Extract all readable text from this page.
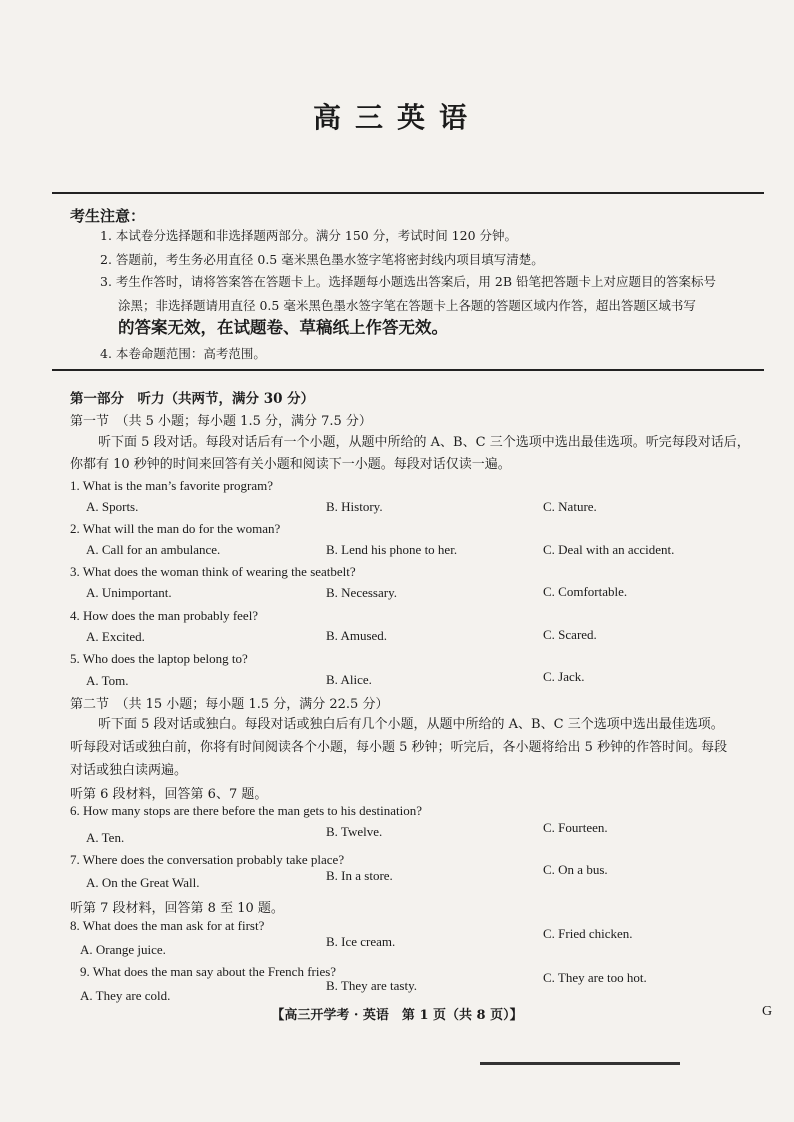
高三英语
考生注意：
1. 本试卷分选择题和非选择题两部分。满分 150 分，考试时间 120 分钟。
2. 答题前，考生务必用直径 0.5 毫米黑色墨水签字笔将密封线内项目填写清楚。
3. 考生作答时，请将答案答在答题卡上。选择题每小题选出答案后，用 2B 铅笔把答题卡上对应题目的答案标号
涂黑；非选择题请用直径 0.5 毫米黑色墨水签字笔在答题卡上各题的答题区域内作答，超出答题区域书写
的答案无效，在试题卷、草稿纸上作答无效。
4. 本卷命题范围：高考范围。
第一部分　听力（共两节，满分 30 分）
第一节　（共 5 小题；每小题 1.5 分，满分 7.5 分）
听下面 5 段对话。每段对话后有一个小题，从题中所给的 A、B、C 三个选项中选出最佳选项。听完每段对话后，
你都有 10 秒钟的时间来回答有关小题和阅读下一小题。每段对话仅读一遍。
1. What is the man’s favorite program?
A. Sports.	B. History.	C. Nature.
2. What will the man do for the woman?
A. Call for an ambulance.	B. Lend his phone to her.	C. Deal with an accident.
3. What does the woman think of wearing the seatbelt?
A. Unimportant.	B. Necessary.	C. Comfortable.
4. How does the man probably feel?
A. Excited.	B. Amused.	C. Scared.
5. Who does the laptop belong to?
A. Tom.	B. Alice.	C. Jack.
第二节　（共 15 小题；每小题 1.5 分，满分 22.5 分）
听下面 5 段对话或独白。每段对话或独白后有几个小题，从题中所给的 A、B、C 三个选项中选出最佳选项。
听每段对话或独白前，你将有时间阅读各个小题，每小题 5 秒钟；听完后，各小题将给出 5 秒钟的作答时间。每段
对话或独白读两遍。
听第 6 段材料，回答第 6、7 题。
6. How many stops are there before the man gets to his destination?
A. Ten.	B. Twelve.	C. Fourteen.
7. Where does the conversation probably take place?
A. On the Great Wall.	B. In a store.	C. On a bus.
听第 7 段材料，回答第 8 至 10 题。
8. What does the man ask for at first?
A. Orange juice.
B. Ice cream.
C. Fried chicken.
9. What does the man say about the French fries?
A. They are cold.
B. They are tasty.
C. They are too hot.
【高三开学考 · 英语　第 1 页（共 8 页）】	G
